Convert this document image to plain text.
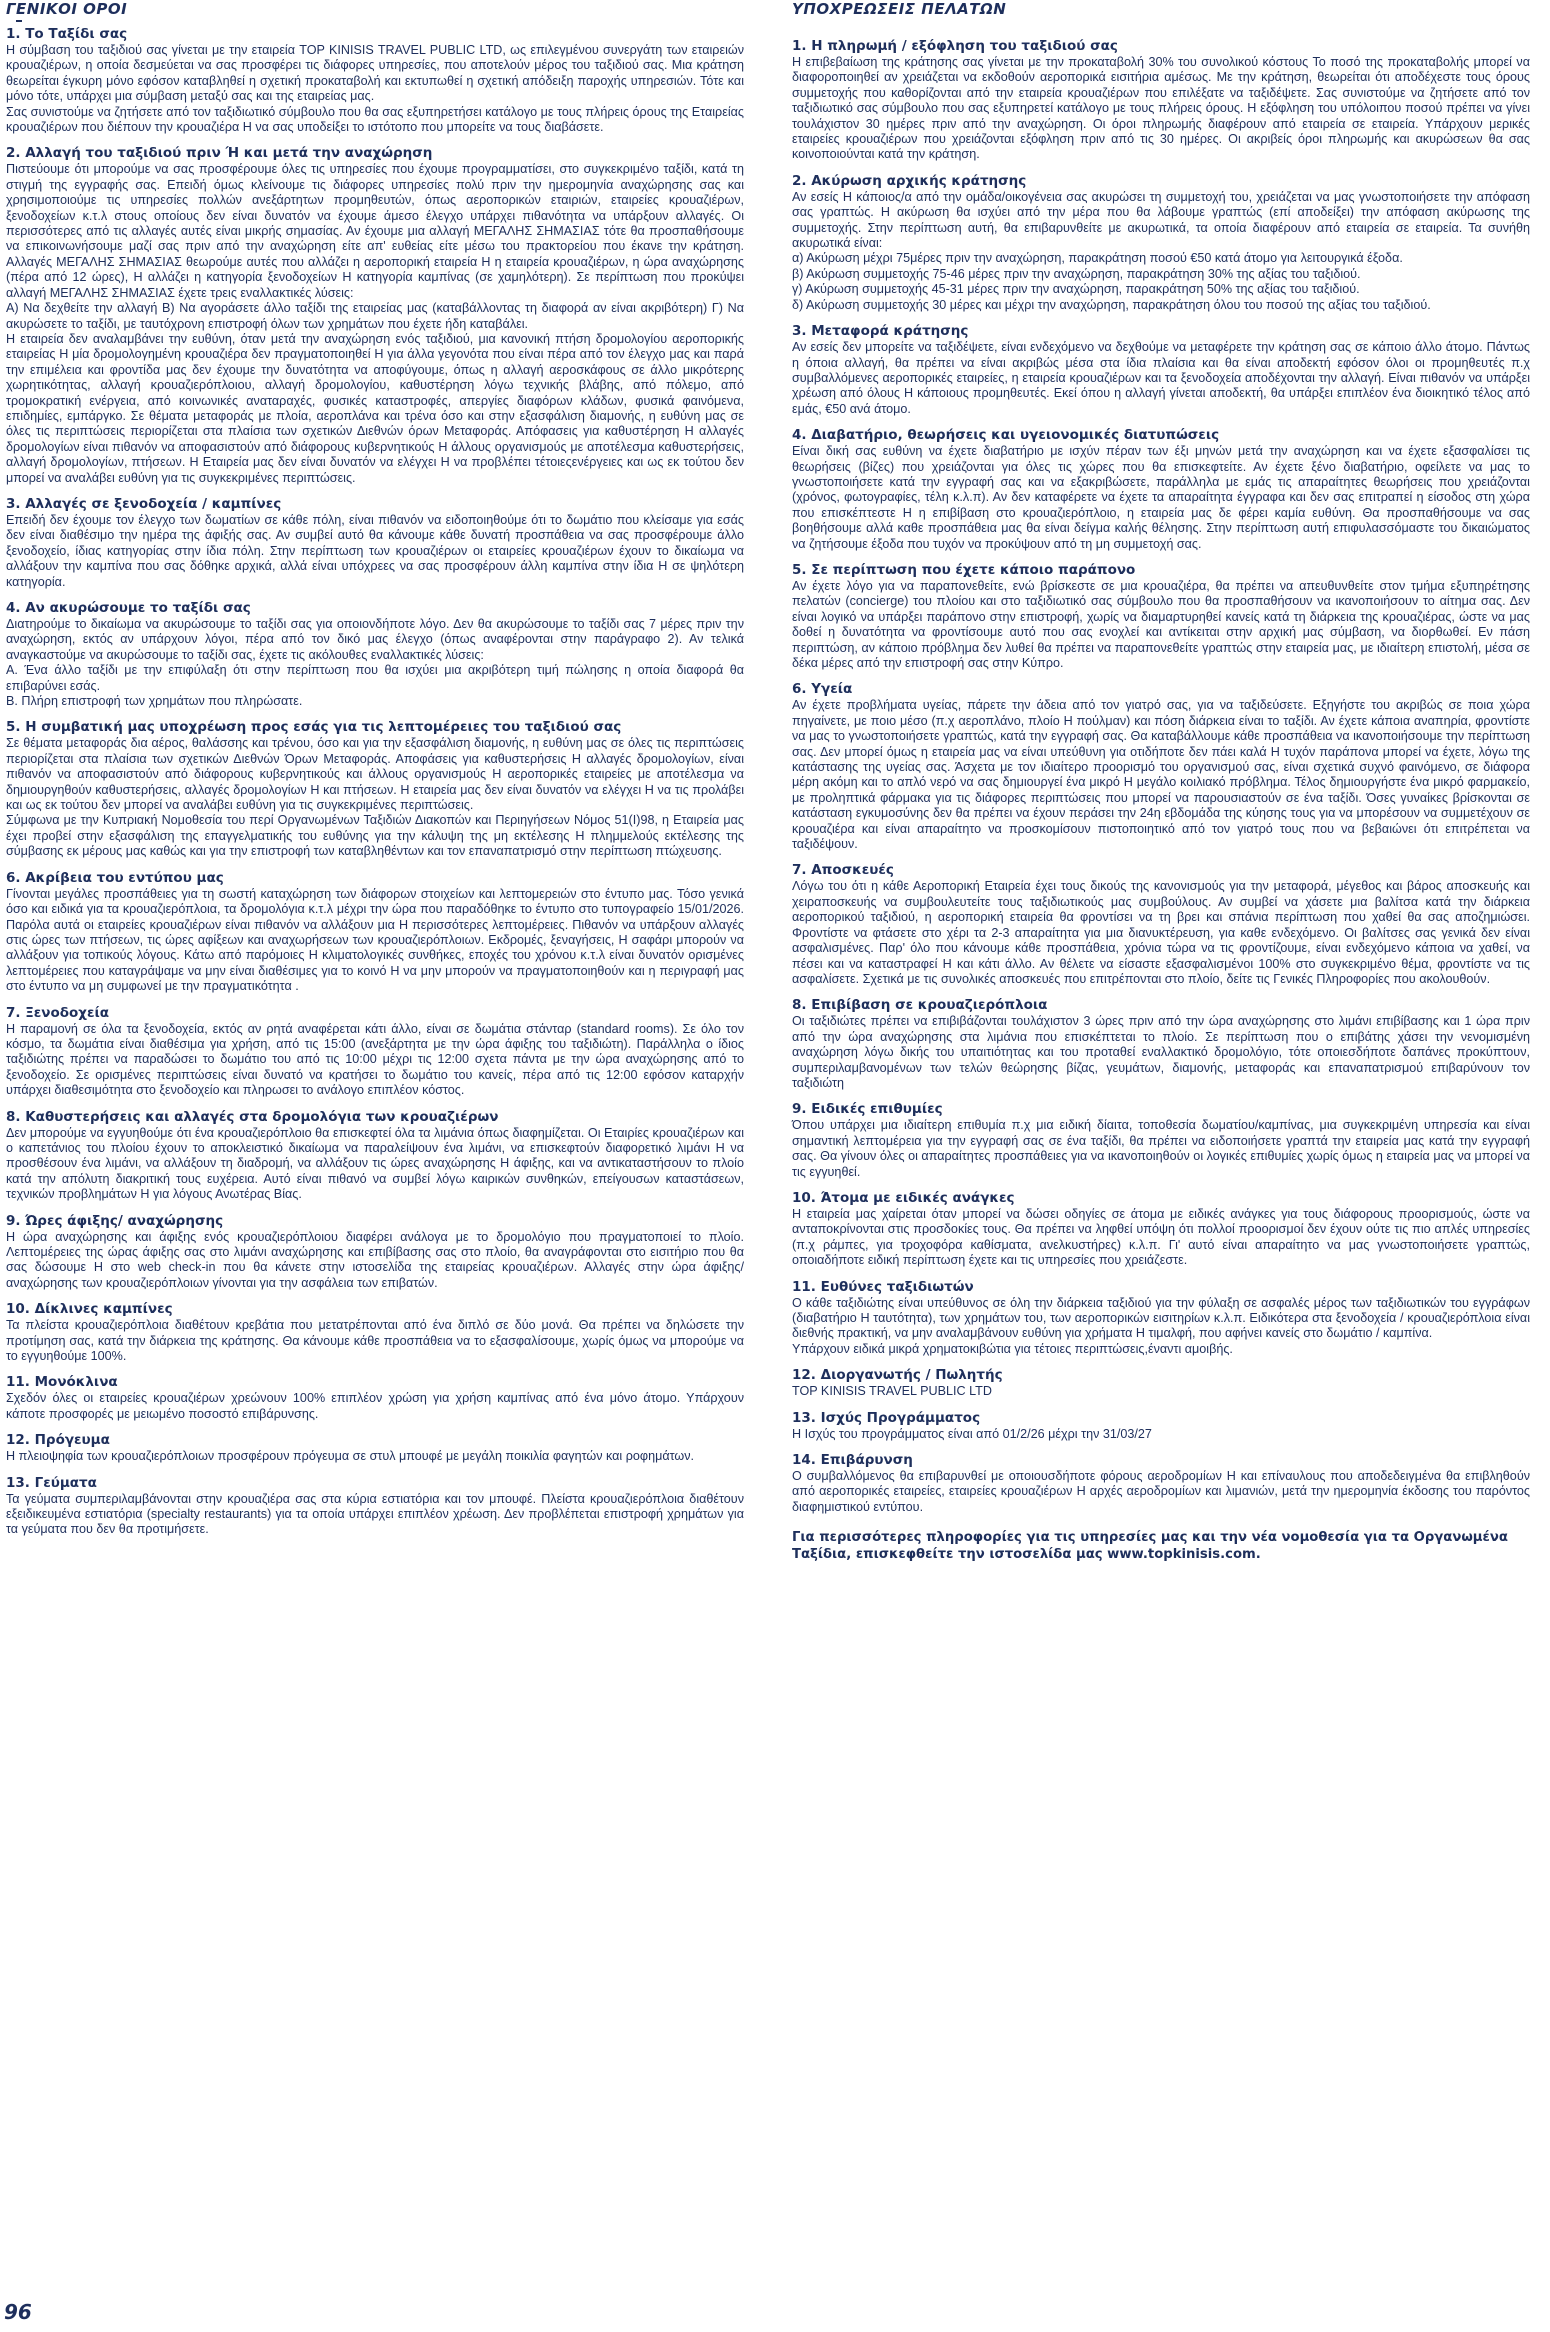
ΓΕΝΙΚΟΙ ΟΡΟΙ
1. Το Ταξίδι σας

Η σύμβαση του ταξιδιού σας γίνεται με την εταιρεία TOP KINISIS TRAVEL PUBLIC LTD, ως επιλεγμένου συνεργάτη των εταιρειών κρουαζιέρων, η οποία δεσμεύεται να σας προσφέρει τις διάφορες υπηρεσίες, που αποτελούν μέρος του ταξιδιού σας. Μια κράτηση θεωρείται έγκυρη μόνο εφόσον καταβληθεί η σχετική προκαταβολή και εκτυπωθεί η σχετική απόδειξη παροχής υπηρεσιών. Τότε και μόνο τότε, υπάρχει μια σύμβαση μεταξύ σας και της εταιρείας μας.
Σας συνιστούμε να ζητήσετε από τον ταξιδιωτικό σύμβουλο που θα σας εξυπηρετήσει κατάλογο με τους πλήρεις όρους της Εταιρείας κρουαζιέρων που διέπουν την κρουαζιέρα Η να σας υποδείξει το ιστότοπο που μπορείτε να τους διαβάσετε.

2. Αλλαγή του ταξιδιού πριν Ή και μετά την αναχώρηση

Πιστεύουμε ότι μπορούμε να σας προσφέρουμε όλες τις υπηρεσίες που έχουμε προγραμματίσει, στο συγκεκριμένο ταξίδι, κατά τη στιγμή της εγγραφής σας. Επειδή όμως κλείνουμε τις διάφορες υπηρεσίες πολύ πριν την ημερομηνία αναχώρησης σας και χρησιμοποιούμε τις υπηρεσίες πολλών ανεξάρτητων προμηθευτών, όπως αεροπορικών εταιριών, εταιρείες κρουαζιέρων, ξενοδοχείων κ.τ.λ στους οποίους δεν είναι δυνατόν να έχουμε άμεσο έλεγχο υπάρχει πιθανότητα να υπάρξουν αλλαγές. Οι περισσότερες από τις αλλαγές αυτές είναι μικρής σημασίας. Αν έχουμε μια αλλαγή ΜΕΓΑΛΗΣ ΣΗΜΑΣΙΑΣ τότε θα προσπαθήσουμε να επικοινωνήσουμε μαζί σας πριν από την αναχώρηση είτε απ' ευθείας είτε μέσω του πρακτορείου που έκανε την κράτηση. Αλλαγές ΜΕΓΑΛΗΣ ΣΗΜΑΣΙΑΣ θεωρούμε αυτές που αλλάζει η αεροπορική εταιρεία Η η εταιρεία κρουαζιέρων, η ώρα αναχώρησης (πέρα από 12 ώρες), Η αλλάζει η κατηγορία ξενοδοχείων Η κατηγορία καμπίνας (σε χαμηλότερη). Σε περίπτωση που προκύψει αλλαγή ΜΕΓΑΛΗΣ ΣΗΜΑΣΙΑΣ έχετε τρεις εναλλακτικές λύσεις:
Α) Να δεχθείτε την αλλαγή Β) Να αγοράσετε άλλο ταξίδι της εταιρείας μας (καταβάλλοντας τη διαφορά αν είναι ακριβότερη) Γ) Να ακυρώσετε το ταξίδι, με ταυτόχρονη επιστροφή όλων των χρημάτων που έχετε ήδη καταβάλει.
Η εταιρεία δεν αναλαμβάνει την ευθύνη, όταν μετά την αναχώρηση ενός ταξιδιού, μια κανονική πτήση δρομολογίου αεροπορικής εταιρείας Η μία δρομολογημένη κρουαζιέρα δεν πραγματοποιηθεί Η για άλλα γεγονότα που είναι πέρα από τον έλεγχο μας και παρά την επιμέλεια και φροντίδα μας δεν έχουμε την δυνατότητα να αποφύγουμε, όπως η αλλαγή αεροσκάφους σε άλλο μικρότερης χωρητικότητας, αλλαγή κρουαζιερόπλοιου, αλλαγή δρομολογίου, καθυστέρηση λόγω τεχνικής βλάβης, από πόλεμο, από τρομοκρατική ενέργεια, από κοινωνικές αναταραχές, φυσικές καταστροφές, απεργίες διαφόρων κλάδων, φυσικά φαινόμενα, επιδημίες, εμπάργκο. Σε θέματα μεταφοράς με πλοία, αεροπλάνα και τρένα όσο και στην εξασφάλιση διαμονής, η ευθύνη μας σε όλες τις περιπτώσεις περιορίζεται στα πλαίσια των σχετικών Διεθνών όρων Μεταφοράς. Απόφασεις για καθυστέρηση Η αλλαγές δρομολογίων είναι πιθανόν να αποφασιστούν από διάφορους κυβερνητικούς Η άλλους οργανισμούς με αποτέλεσμα καθυστερήσεις, αλλαγή δρομολογίων, πτήσεων. Η Εταιρεία μας δεν είναι δυνατόν να ελέγχει Η να προβλέπει τέτοιεςενέργειες και ως εκ τούτου δεν μπορεί να αναλάβει ευθύνη για τις συγκεκριμένες περιπτώσεις.

3. Αλλαγές σε ξενοδοχεία / καμπίνες

Επειδή δεν έχουμε τον έλεγχο των δωματίων σε κάθε πόλη, είναι πιθανόν να ειδοποιηθούμε ότι το δωμάτιο που κλείσαμε για εσάς δεν είναι διαθέσιμο την ημέρα της άφιξής σας. Αν συμβεί αυτό θα κάνουμε κάθε δυνατή προσπάθεια να σας προσφέρουμε άλλο ξενοδοχείο, ίδιας κατηγορίας στην ίδια πόλη. Στην περίπτωση των κρουαζιέρων οι εταιρείες κρουαζιέρων έχουν το δικαίωμα να αλλάξουν την καμπίνα που σας δόθηκε αρχικά, αλλά είναι υπόχρεες να σας προσφέρουν άλλη καμπίνα στην ίδια Η σε ψηλότερη κατηγορία.

4. Αν ακυρώσουμε το ταξίδι σας

Διατηρούμε το δικαίωμα να ακυρώσουμε το ταξίδι σας για οποιονδήποτε λόγο. Δεν θα ακυρώσουμε το ταξίδι σας 7 μέρες πριν την αναχώρηση, εκτός αν υπάρχουν λόγοι, πέρα από τον δικό μας έλεγχο (όπως αναφέρονται στην παράγραφο 2). Αν τελικά αναγκαστούμε να ακυρώσουμε το ταξίδι σας, έχετε τις ακόλουθες εναλλακτικές λύσεις:
Α. Ένα άλλο ταξίδι με την επιφύλαξη ότι στην περίπτωση που θα ισχύει μια ακριβότερη τιμή πώλησης η οποία διαφορά θα επιβαρύνει εσάς.
Β. Πλήρη επιστροφή των χρημάτων που πληρώσατε.

5. Η συμβατική μας υποχρέωση προς εσάς για τις λεπτομέρειες του ταξιδιού σας

Σε θέματα μεταφοράς δια αέρος, θαλάσσης και τρένου, όσο και για την εξασφάλιση διαμονής, η ευθύνη μας σε όλες τις περιπτώσεις περιορίζεται στα πλαίσια των σχετικών Διεθνών Όρων Μεταφοράς. Αποφάσεις για καθυστερήσεις Η αλλαγές δρομολογίων, είναι πιθανόν να αποφασιστούν από διάφορους κυβερνητικούς και άλλους οργανισμούς Η αεροπορικές εταιρείες με αποτέλεσμα να δημιουργηθούν καθυστερήσεις, αλλαγές δρομολογίων Η και πτήσεων. Η εταιρεία μας δεν είναι δυνατόν να ελέγχει Η να τις προλάβει και ως εκ τούτου δεν μπορεί να αναλάβει ευθύνη για τις συγκεκριμένες περιπτώσεις.
Σύμφωνα με την Κυπριακή Νομοθεσία του περί Οργανωμένων Ταξιδιών Διακοπών και Περιηγήσεων Νόμος 51(I)98, η Εταιρεία μας έχει προβεί στην εξασφάλιση της επαγγελματικής του ευθύνης για την κάλυψη της μη εκτέλεσης Η πλημμελούς εκτέλεσης της σύμβασης εκ μέρους μας καθώς και για την επιστροφή των καταβληθέντων και τον επαναπατρισμό στην περίπτωση πτώχευσης.

6. Ακρίβεια του εντύπου μας

Γίνονται μεγάλες προσπάθειες για τη σωστή καταχώρηση των διάφορων στοιχείων και λεπτομερειών στο έντυπο μας. Τόσο γενικά όσο και ειδικά για τα κρουαζιερόπλοια, τα δρομολόγια κ.τ.λ μέχρι την ώρα που παραδόθηκε το έντυπο στο τυπογραφείο 15/01/2026. Παρόλα αυτά οι εταιρείες κρουαζιέρων είναι πιθανόν να αλλάξουν μια Η περισσότερες λεπτομέρειες. Πιθανόν να υπάρξουν αλλαγές στις ώρες των πτήσεων, τις ώρες αφίξεων και αναχωρήσεων των κρουαζιερόπλοιων. Εκδρομές, ξεναγήσεις, Η σαφάρι μπορούν να αλλάξουν για τοπικούς λόγους. Κάτω από παρόμοιες Η κλιματολογικές συνθήκες, εποχές του χρόνου κ.τ.λ είναι δυνατόν ορισμένες λεπτομέρειες που καταγράψαμε να μην είναι διαθέσιμες για το κοινό Η να μην μπορούν να πραγματοποιηθούν και η περιγραφή μας στο έντυπο να μη συμφωνεί με την πραγματικότητα .

7. Ξενοδοχεία

Η παραμονή σε όλα τα ξενοδοχεία, εκτός αν ρητά αναφέρεται κάτι άλλο, είναι σε δωμάτια στάνταρ (standard rooms). Σε όλο τον κόσμο, τα δωμάτια είναι διαθέσιμα για χρήση, από τις 15:00 (ανεξάρτητα με την ώρα άφιξης του ταξιδιώτη). Παράλληλα ο ίδιος ταξιδιώτης πρέπει να παραδώσει το δωμάτιο του από τις 10:00 μέχρι τις 12:00 σχετα πάντα με την ώρα αναχώρησης από το ξενοδοχείο. Σε ορισμένες περιπτώσεις είναι δυνατό να κρατήσει το δωμάτιο του κανείς, πέρα από τις 12:00 εφόσον καταρχήν υπάρχει διαθεσιμότητα στο ξενοδοχείο και πληρωσει το ανάλογο επιπλέον κόστος.

8. Καθυστερήσεις και αλλαγές στα δρομολόγια των κρουαζιέρων

Δεν μπορούμε να εγγυηθούμε ότι ένα κρουαζιερόπλοιο θα επισκεφτεί όλα τα λιμάνια όπως διαφημίζεται. Οι Εταιρίες κρουαζιέρων και ο καπετάνιος του πλοίου έχουν το αποκλειστικό δικαίωμα να παραλείψουν ένα λιμάνι, να επισκεφτούν διαφορετικό λιμάνι Η να προσθέσουν ένα λιμάνι, να αλλάξουν τη διαδρομή, να αλλάξουν τις ώρες αναχώρησης Η άφιξης, και να αντικαταστήσουν το πλοίο κατά την απόλυτη διακριτική τους ευχέρεια. Αυτό είναι πιθανό να συμβεί λόγω καιρικών συνθηκών, επείγουσων καταστάσεων, τεχνικών προβλημάτων Η για λόγους Ανωτέρας Βίας.

9. Ώρες άφιξης/ αναχώρησης

Η ώρα αναχώρησης και άφιξης ενός κρουαζιερόπλοιου διαφέρει ανάλογα με το δρομολόγιο που πραγματοποιεί το πλοίο. Λεπτομέρειες της ώρας άφιξης σας στο λιμάνι αναχώρησης και επιβίβασης σας στο πλοίο, θα αναγράφονται στο εισιτήριο που θα σας δώσουμε Η στο web check-in που θα κάνετε στην ιστοσελίδα της εταιρείας κρουαζιέρων. Αλλαγές στην ώρα άφιξης/αναχώρησης των κρουαζιερόπλοιων γίνονται για την ασφάλεια των επιβατών.

10. Δίκλινες καμπίνες

Τα πλείστα κρουαζιερόπλοια διαθέτουν κρεβάτια που μετατρέπονται από ένα διπλό σε δύο μονά. Θα πρέπει να δηλώσετε την προτίμηση σας, κατά την διάρκεια της κράτησης. Θα κάνουμε κάθε προσπάθεια να το εξασφαλίσουμε, χωρίς όμως να μπορούμε να το εγγυηθούμε 100%.

11. Μονόκλινα

Σχεδόν όλες οι εταιρείες κρουαζιέρων χρεώνουν 100% επιπλέον χρώση για χρήση καμπίνας από ένα μόνο άτομο. Υπάρχουν κάποτε προσφορές με μειωμένο ποσοστό επιβάρυνσης.

12. Πρόγευμα

Η πλειοψηφία των κρουαζιερόπλοιων προσφέρουν πρόγευμα σε στυλ μπουφέ με μεγάλη ποικιλία φαγητών και ροφημάτων.

13. Γεύματα

Τα γεύματα συμπεριλαμβάνονται στην κρουαζιέρα σας στα κύρια εστιατόρια και τον μπουφέ. Πλείστα κρουαζιερόπλοια διαθέτουν εξειδικευμένα εστιατόρια (specialty restaurants) για τα οποία υπάρχει επιπλέον χρέωση. Δεν προβλέπεται επιστροφή χρημάτων για τα γεύματα που δεν θα προτιμήσετε.

ΥΠΟΧΡΕΩΣΕΙΣ ΠΕΛΑΤΩΝ
1. Η πληρωμή / εξόφληση του ταξιδιού σας

Η επιβεβαίωση της κράτησης σας γίνεται με την προκαταβολή 30% του συνολικού κόστους Το ποσό της προκαταβολής μπορεί να διαφοροποιηθεί αν χρειάζεται να εκδοθούν αεροπορικά εισιτήρια αμέσως. Με την κράτηση, θεωρείται ότι αποδέχεστε τους όρους συμμετοχής που καθορίζονται από την εταιρεία κρουαζιέρων που επιλέξατε να ταξιδέψετε. Σας συνιστούμε να ζητήσετε από τον ταξιδιωτικό σας σύμβουλο που σας εξυπηρετεί κατάλογο με τους πλήρεις όρους. Η εξόφληση του υπόλοιπου ποσού πρέπει να γίνει τουλάχιστον 30 ημέρες πριν από την αναχώρηση. Οι όροι πληρωμής διαφέρουν από εταιρεία σε εταιρεία. Υπάρχουν μερικές εταιρείες κρουαζιέρων που χρειάζονται εξόφληση πριν από τις 30 ημέρες. Οι ακριβείς όροι πληρωμής και ακυρώσεων θα σας κοινοποιούνται κατά την κράτηση.

2. Ακύρωση αρχικής κράτησης

Αν εσείς Η κάποιος/α από την ομάδα/οικογένεια σας ακυρώσει τη συμμετοχή του, χρειάζεται να μας γνωστοποιήσετε την απόφαση σας γραπτώς. Η ακύρωση θα ισχύει από την μέρα που θα λάβουμε γραπτώς (επί αποδείξει) την απόφαση ακύρωσης της συμμετοχής. Στην περίπτωση αυτή, θα επιβαρυνθείτε με ακυρωτικά, τα οποία διαφέρουν από εταιρεία σε εταιρεία. Τα συνήθη ακυρωτικά είναι:
α) Ακύρωση μέχρι 75μέρες πριν την αναχώρηση, παρακράτηση ποσού €50 κατά άτομο για λειτουργικά έξοδα.
β) Ακύρωση συμμετοχής 75-46 μέρες πριν την αναχώρηση, παρακράτηση 30% της αξίας του ταξιδιού.
γ) Ακύρωση συμμετοχής 45-31 μέρες πριν την αναχώρηση, παρακράτηση 50% της αξίας του ταξιδιού.
δ) Ακύρωση συμμετοχής 30 μέρες και μέχρι την αναχώρηση, παρακράτηση όλου του ποσού της αξίας του ταξιδιού.

3. Μεταφορά κράτησης

Αν εσείς δεν μπορείτε να ταξιδέψετε, είναι ενδεχόμενο να δεχθούμε να μεταφέρετε την κράτηση σας σε κάποιο άλλο άτομο. Πάντως η όποια αλλαγή, θα πρέπει να είναι ακριβώς μέσα στα ίδια πλαίσια και θα είναι αποδεκτή εφόσον όλοι οι προμηθευτές π.χ συμβαλλόμενες αεροπορικές εταιρείες, η εταιρεία κρουαζιέρων και τα ξενοδοχεία αποδέχονται την αλλαγή. Είναι πιθανόν να υπάρξει χρέωση από όλους Η κάποιους προμηθευτές. Εκεί όπου η αλλαγή γίνεται αποδεκτή, θα υπάρξει επιπλέον ένα διοικητικό τέλος από εμάς, €50 ανά άτομο.

4. Διαβατήριο, θεωρήσεις και υγειονομικές διατυπώσεις

Είναι δική σας ευθύνη να έχετε διαβατήριο με ισχύν πέραν των έξι μηνών μετά την αναχώρηση και να έχετε εξασφαλίσει τις θεωρήσεις (βίζες) που χρειάζονται για όλες τις χώρες που θα επισκεφτείτε. Αν έχετε ξένο διαβατήριο, οφείλετε να μας το γνωστοποιήσετε κατά την εγγραφή σας και να εξακριβώσετε, παράλληλα με εμάς τις απαραίτητες θεωρήσεις που χρειάζονται (χρόνος, φωτογραφίες, τέλη κ.λ.π). Αν δεν καταφέρετε να έχετε τα απαραίτητα έγγραφα και δεν σας επιτραπεί η είσοδος στη χώρα που επισκέπτεστε Η η επιβίβαση στο κρουαζιερόπλοιο, η εταιρεία μας δε φέρει καμία ευθύνη. Θα προσπαθήσουμε να σας βοηθήσουμε αλλά καθε προσπάθεια μας θα είναι δείγμα καλής θέλησης. Στην περίπτωση αυτή επιφυλασσόμαστε του δικαιώματος να ζητήσουμε έξοδα που τυχόν να προκύψουν από τη μη συμμετοχή σας.

5. Σε περίπτωση που έχετε κάποιο παράπονο

Αν έχετε λόγο για να παραπονεθείτε, ενώ βρίσκεστε σε μια κρουαζιέρα, θα πρέπει να απευθυνθείτε στον τμήμα εξυπηρέτησης πελατών (concierge) του πλοίου και στο ταξιδιωτικό σας σύμβουλο που θα προσπαθήσουν να ικανοποιήσουν το αίτημα σας. Δεν είναι λογικό να υπάρξει παράπονο στην επιστροφή, χωρίς να διαμαρτυρηθεί κανείς κατά τη διάρκεια της κρουαζιέρας, ώστε να μας δοθεί η δυνατότητα να φροντίσουμε αυτό που σας ενοχλεί και αντίκειται στην αρχική μας σύμβαση, να διορθωθεί. Εν πάση περιπτώση, αν κάποιο πρόβλημα δεν λυθεί θα πρέπει να παραπονεθείτε γραπτώς στην εταιρεία μας, με ιδιαίτερη επιστολή, μέσα σε δέκα μέρες από την επιστροφή σας στην Κύπρο.

6. Υγεία

Αν έχετε προβλήματα υγείας, πάρετε την άδεια από τον γιατρό σας, για να ταξιδεύσετε. Εξηγήστε του ακριβώς σε ποια χώρα πηγαίνετε, με ποιο μέσο (π.χ αεροπλάνο, πλοίο Η πούλμαν) και πόση διάρκεια είναι το ταξίδι. Αν έχετε κάποια αναπηρία, φροντίστε να μας το γνωστοποιήσετε γραπτώς, κατά την εγγραφή σας. Θα καταβάλλουμε κάθε προσπάθεια να ικανοποιήσουμε την περίπτωση σας. Δεν μπορεί όμως η εταιρεία μας να είναι υπεύθυνη για οτιδήποτε δεν πάει καλά Η τυχόν παράπονα μπορεί να έχετε, λόγω της κατάστασης της υγείας σας. Άσχετα με τον ιδιαίτερο προορισμό του οργανισμού σας, είναι σχετικά συχνό φαινόμενο, σε διάφορα μέρη ακόμη και το απλό νερό να σας δημιουργεί ένα μικρό Η μεγάλο κοιλιακό πρόβλημα. Τέλος δημιουργήστε ένα μικρό φαρμακείο, με προληπτικά φάρμακα για τις διάφορες περιπτώσεις που μπορεί να παρουσιαστούν σε ένα ταξίδι. Όσες γυναίκες βρίσκονται σε κατάσταση εγκυμοσύνης δεν θα πρέπει να έχουν περάσει την 24η εβδομάδα της κύησης τους για να μπορέσουν να συμμετέχουν σε κρουαζιέρα και είναι απαραίτητο να προσκομίσουν πιστοποιητικό από τον γιατρό τους που να βεβαιώνει ότι επιτρέπεται να ταξιδέψουν.

7. Αποσκευές

Λόγω του ότι η κάθε Αεροπορική Εταιρεία έχει τους δικούς της κανονισμούς για την μεταφορά, μέγεθος και βάρος αποσκευής και χειραποσκευής να συμβουλευτείτε τους ταξιδιωτικούς μας συμβούλους. Αν συμβεί να χάσετε μια βαλίτσα κατά την διάρκεια αεροπορικού ταξιδιού, η αεροπορική εταιρεία θα φροντίσει να τη βρει και σπάνια περίπτωση που χαθεί θα σας αποζημιώσει. Φροντίστε να φτάσετε στο χέρι τα 2-3 απαραίτητα για μια διανυκτέρευση, για καθε ενδεχόμενο. Οι βαλίτσες σας γενικά δεν είναι ασφαλισμένες. Παρ' όλο που κάνουμε κάθε προσπάθεια, χρόνια τώρα να τις φροντίζουμε, είναι ενδεχόμενο κάποια να χαθεί, να πέσει και να καταστραφεί Η και κάτι άλλο. Αν θέλετε να είσαστε εξασφαλισμένοι 100% στο συγκεκριμένο θέμα, φροντίστε να τις ασφαλίσετε. Σχετικά με τις συνολικές αποσκευές που επιτρέπονται στο πλοίο, δείτε τις Γενικές Πληροφορίες που ακολουθούν.

8. Επιβίβαση σε κρουαζιερόπλοια

Οι ταξιδιώτες πρέπει να επιβιβάζονται τουλάχιστον 3 ώρες πριν από την ώρα αναχώρησης στο λιμάνι επιβίβασης και 1 ώρα πριν από την ώρα αναχώρησης στα λιμάνια που επισκέπτεται το πλοίο. Σε περίπτωση που ο επιβάτης χάσει την νενομισμένη αναχώρηση λόγω δικής του υπαιτιότητας και του προταθεί εναλλακτικό δρομολόγιο, τότε οποιεσδήποτε δαπάνες προκύπτουν, συμπεριλαμβανομένων των τελών θεώρησης βίζας, γευμάτων, διαμονής, μεταφοράς και επαναπατρισμού επιβαρύνουν τον ταξιδιώτη

9. Ειδικές επιθυμίες

Όπου υπάρχει μια ιδιαίτερη επιθυμία π.χ μια ειδική δίαιτα, τοποθεσία δωματίου/καμπίνας, μια συγκεκριμένη υπηρεσία και είναι σημαντική λεπτομέρεια για την εγγραφή σας σε ένα ταξίδι, θα πρέπει να ειδοποιήσετε γραπτά την εταιρεία μας κατά την εγγραφή σας. Θα γίνουν όλες οι απαραίτητες προσπάθειες για να ικανοποιηθούν οι λογικές επιθυμίες χωρίς όμως η εταιρεία μας να μπορεί να τις εγγυηθεί.

10. Άτομα με ειδικές ανάγκες

Η εταιρεία μας χαίρεται όταν μπορεί να δώσει οδηγίες σε άτομα με ειδικές ανάγκες για τους διάφορους προορισμούς, ώστε να ανταποκρίνονται στις προσδοκίες τους. Θα πρέπει να ληφθεί υπόψη ότι πολλοί προορισμοί δεν έχουν ούτε τις πιο απλές υπηρεσίες (π.χ ράμπες, για τροχοφόρα καθίσματα, ανελκυστήρες) κ.λ.π. Γι' αυτό είναι απαραίτητο να μας γνωστοποιήσετε γραπτώς, οποιαδήποτε ειδική περίπτωση έχετε και τις υπηρεσίες που χρειάζεστε.

11. Ευθύνες ταξιδιωτών

Ο κάθε ταξιδιώτης είναι υπεύθυνος σε όλη την διάρκεια ταξιδιού για την φύλαξη σε ασφαλές μέρος των ταξιδιωτικών του εγγράφων (διαβατήριο Η ταυτότητα), των χρημάτων του, των αεροπορικών εισιτηρίων κ.λ.π. Ειδικότερα στα ξενοδοχεία / κρουαζιερόπλοια είναι διεθνής πρακτική, να μην αναλαμβάνουν ευθύνη για χρήματα Η τιμαλφή, που αφήνει κανείς στο δωμάτιο / καμπίνα.
Υπάρχουν ειδικά μικρά χρηματοκιβώτια για τέτοιες περιπτώσεις,έναντι αμοιβής.

12. Διοργανωτής / Πωλητής

TOP KINISIS TRAVEL PUBLIC LTD

13. Ισχύς Προγράμματος

Η Ισχύς του προγράμματος είναι από 01/2/26 μέχρι την 31/03/27

14. Επιβάρυνση

Ο συμβαλλόμενος θα επιβαρυνθεί με οποιουσδήποτε φόρους αεροδρομίων Η και επίναυλους που αποδεδειγμένα θα επιβληθούν από αεροπορικές εταιρείες, εταιρείες κρουαζιέρων Η αρχές αεροδρομίων και λιμανιών, μετά την ημερομηνία έκδοσης του παρόντος διαφημιστικού εντύπου.

Για περισσότερες πληροφορίες για τις υπηρεσίες μας και την νέα νομοθεσία για τα Οργανωμένα Ταξίδια, επισκεφθείτε την ιστοσελίδα μας www.topkinisis.com.
96
